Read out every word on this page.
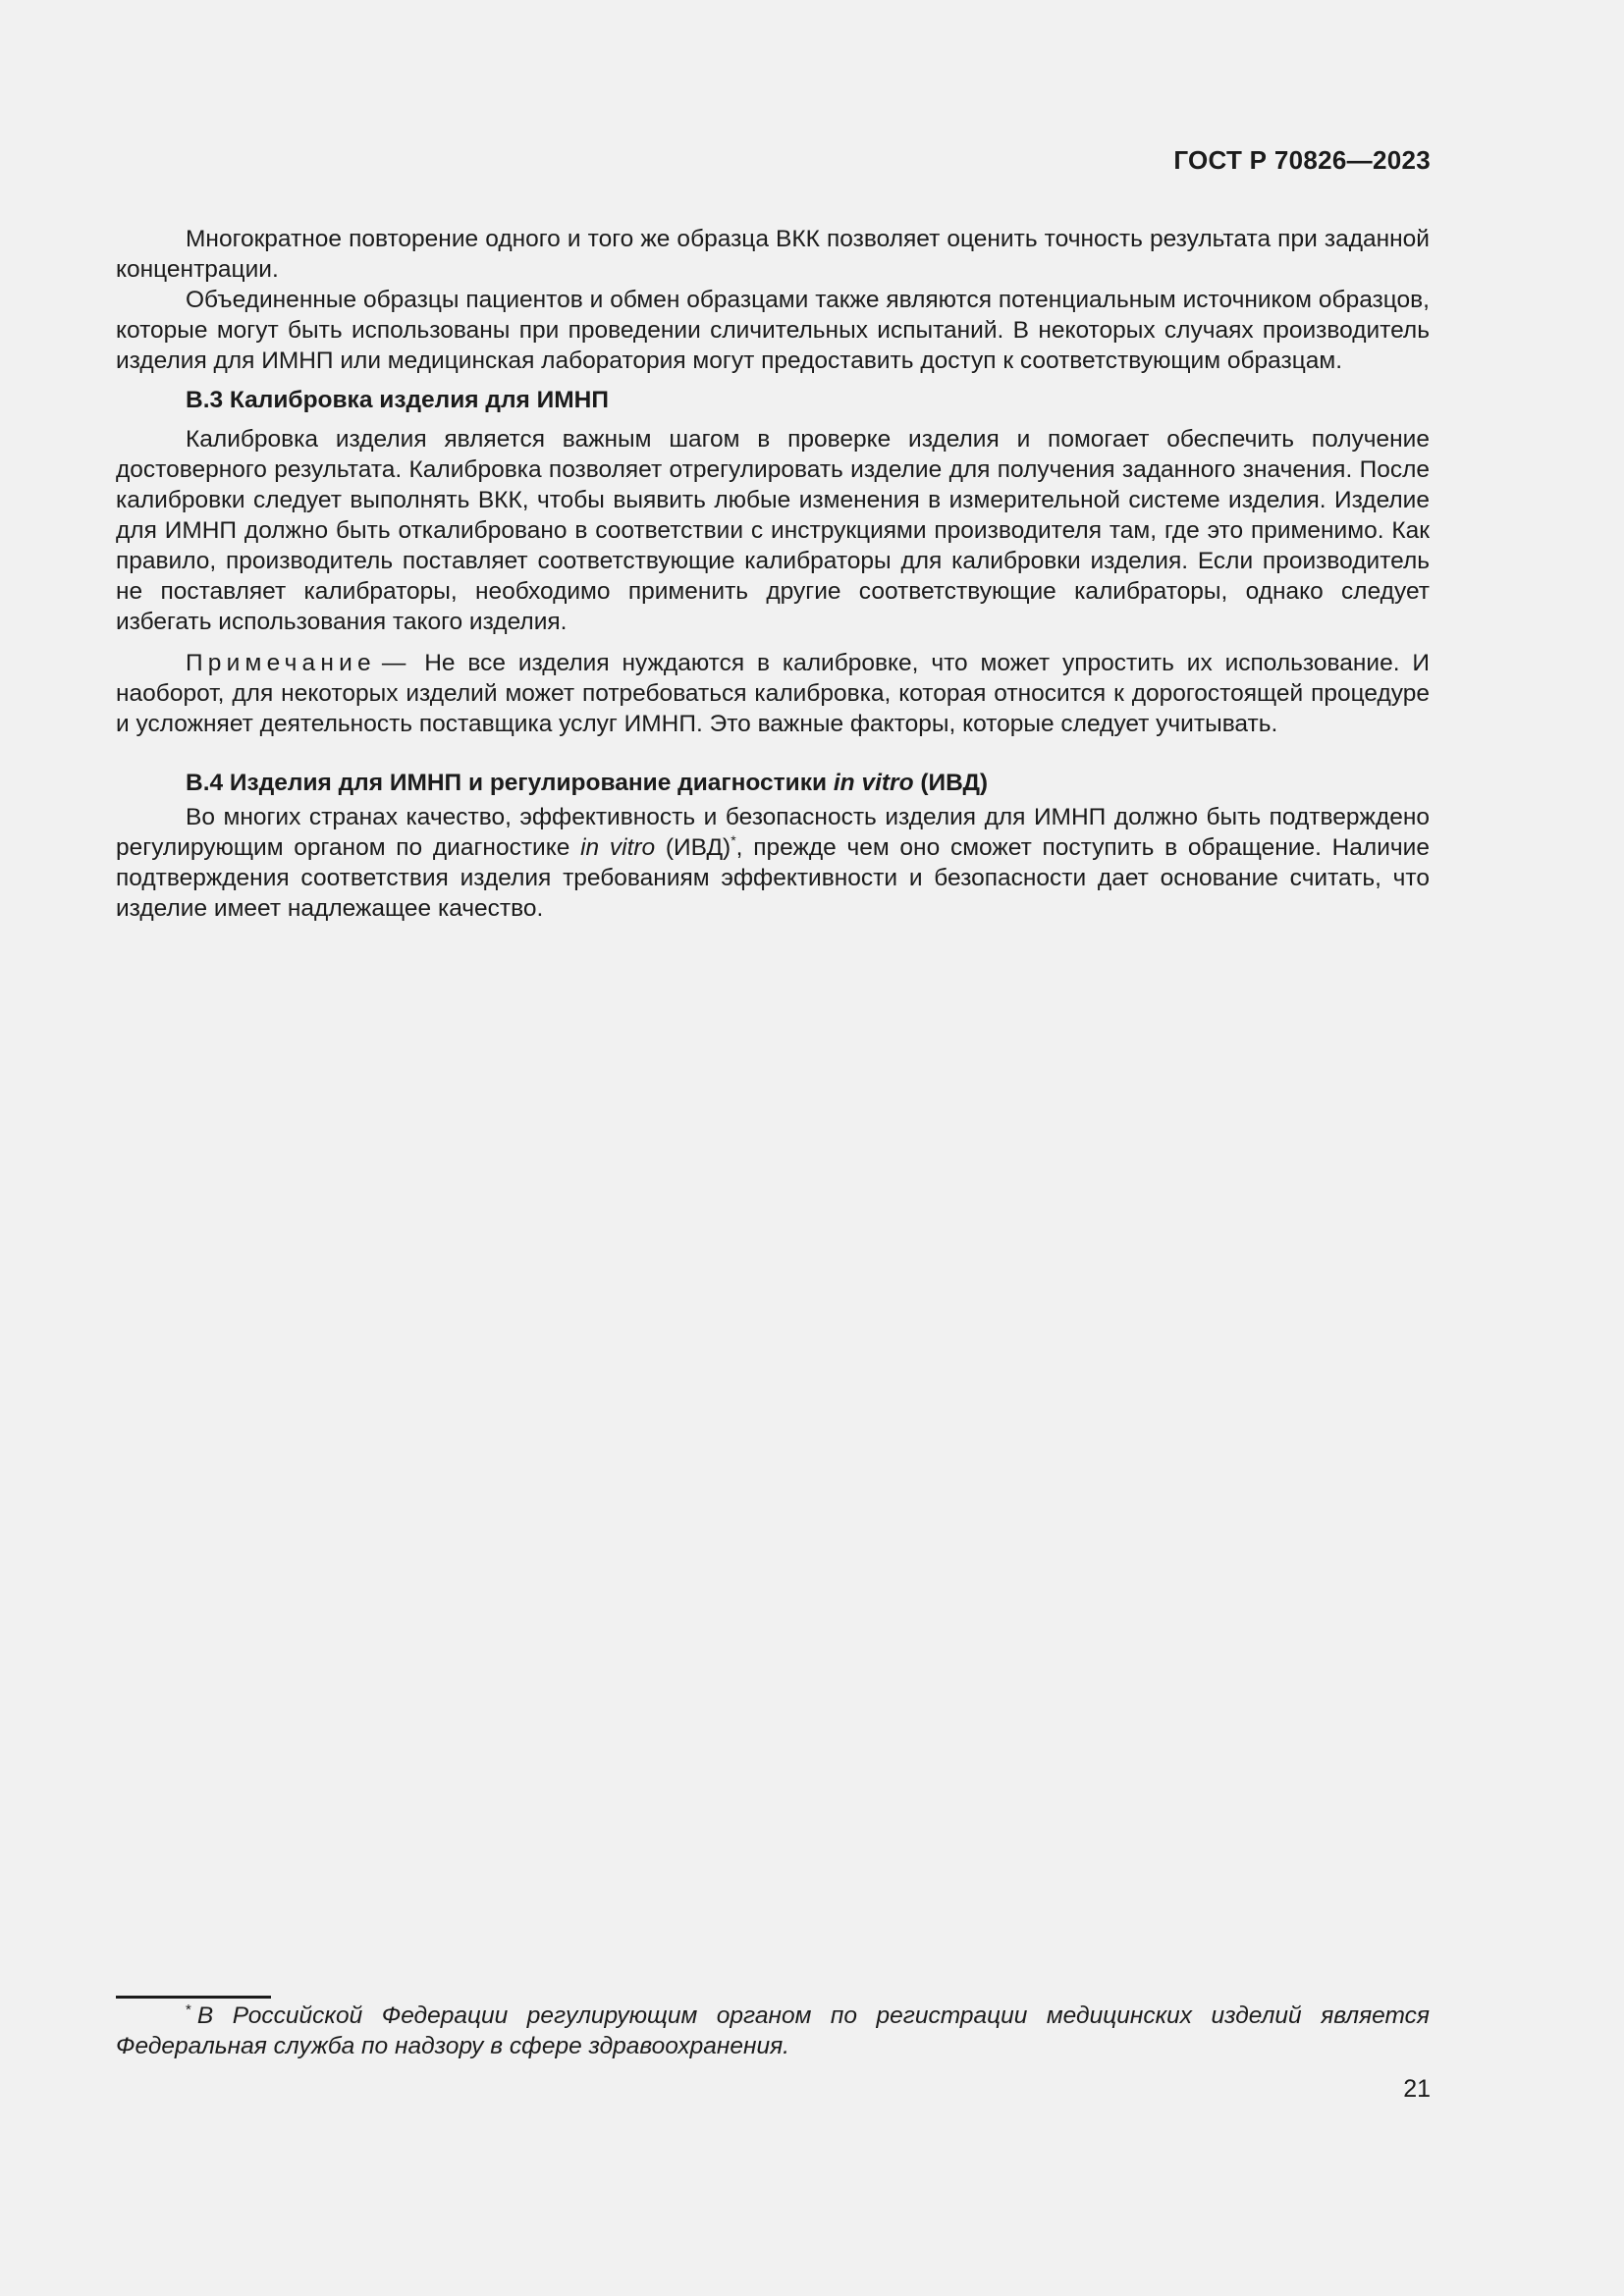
ГОСТ Р 70826—2023

Многократное повторение одного и того же образца ВКК позволяет оценить точность результата при заданной концентрации.

Объединенные образцы пациентов и обмен образцами также являются потенциальным источником образцов, которые могут быть использованы при проведении сличительных испытаний. В некоторых случаях производитель изделия для ИМНП или медицинская лаборатория могут предоставить доступ к соответствующим образцам.

В.3 Калибровка изделия для ИМНП

Калибровка изделия является важным шагом в проверке изделия и помогает обеспечить получение достоверного результата. Калибровка позволяет отрегулировать изделие для получения заданного значения. После калибровки следует выполнять ВКК, чтобы выявить любые изменения в измерительной системе изделия. Изделие для ИМНП должно быть откалибровано в соответствии с инструкциями производителя там, где это применимо. Как правило, производитель поставляет соответствующие калибраторы для калибровки изделия. Если производитель не поставляет калибраторы, необходимо применить другие соответствующие калибраторы, однако следует избегать использования такого изделия.

Примечание — Не все изделия нуждаются в калибровке, что может упростить их использование. И наоборот, для некоторых изделий может потребоваться калибровка, которая относится к дорогостоящей процедуре и усложняет деятельность поставщика услуг ИМНП. Это важные факторы, которые следует учитывать.

В.4 Изделия для ИМНП и регулирование диагностики in vitro (ИВД)

Во многих странах качество, эффективность и безопасность изделия для ИМНП должно быть подтверждено регулирующим органом по диагностике in vitro (ИВД)*, прежде чем оно сможет поступить в обращение. Наличие подтверждения соответствия изделия требованиям эффективности и безопасности дает основание считать, что изделие имеет надлежащее качество.

* В Российской Федерации регулирующим органом по регистрации медицинских изделий является Федеральная служба по надзору в сфере здравоохранения.

21
